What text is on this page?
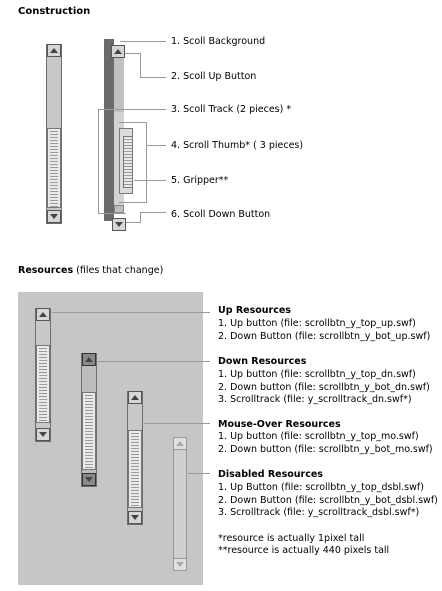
Construction
1. Scoll Background
2. Scoll Up Button
3. Scoll Track (2 pieces) *
4. Scroll Thumb* ( 3 pieces)
5. Gripper**
6. Scoll Down Button
Resources (files that change)
Up Resources
1. Up button (file: scrollbtn_y_top_up.swf)
2. Down Button (file: scrollbtn_y_bot_up.swf)
Down Resources
1. Up button (file: scrollbtn_y_top_dn.swf)
2. Down button (file: scrollbtn_y_bot_dn.swf)
3. Scrolltrack (file: y_scrolltrack_dn.swf*)
Mouse-Over Resources
1. Up button (file: scrollbtn_y_top_mo.swf)
2. Down button (file: scrollbtn_y_bot_mo.swf)
Disabled Resources
1. Up Button (file: scrollbtn_y_top_dsbl.swf)
2. Down Button (file: scrollbtn_y_bot_dsbl.swf)
3. Scrolltrack (file: y_scrolltrack_dsbl.swf*)
*resource is actually 1pixel tall
**resource is actually 440 pixels tall
